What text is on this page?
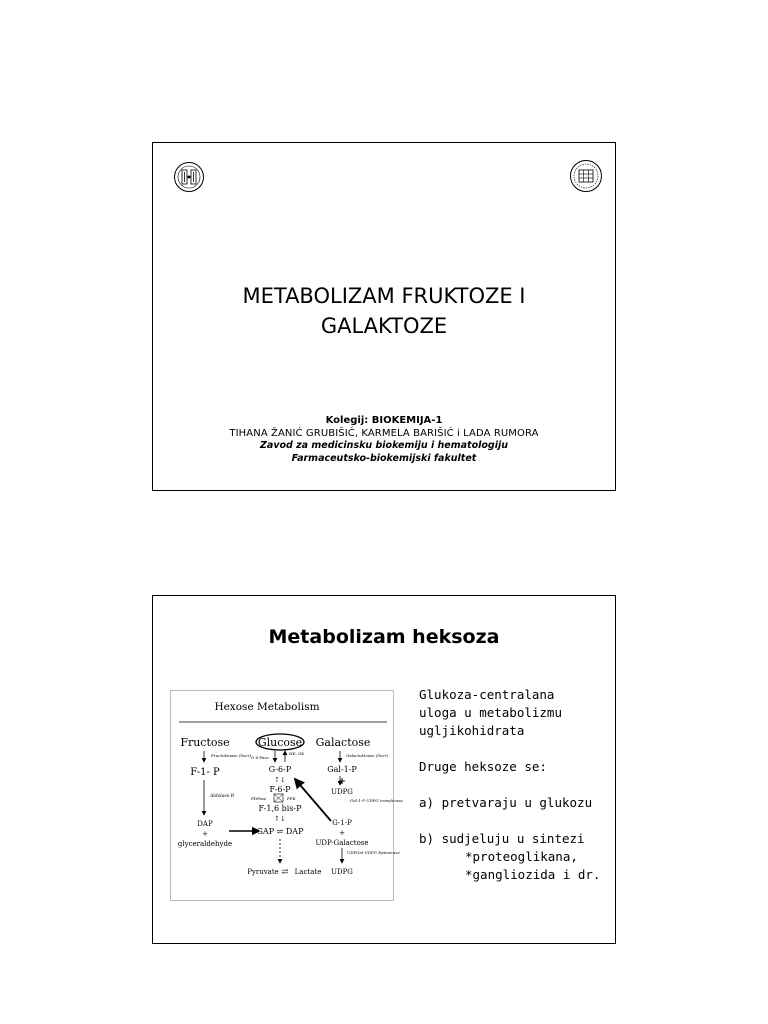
METABOLIZAM FRUKTOZE I
GALAKTOZE
Kolegij: BIOKEMIJA-1
TIHANA ŽANIĆ GRUBIŠIĆ, KARMELA BARIŠIĆ i LADA RUMORA
Zavod za medicinsku biokemiju i hematologiju
Farmaceutsko-biokemijski fakultet
Metabolizam heksoza
Hexose Metabolism
Fructose	Glucose Galactose
Fructokinase (liver)	Galactokinase (liver)
G-6-Pase
HK, GK
F-1- P	G-6-P	Gal-1-P
↑↓
F-6-P
FDPase	PFK
F-1,6 bis-P
↑↓
UDPG
+
Gal-1-P UDPG transferase
Aldolase B
DAP
+
glyceraldehyde
GAP ⇌ DAP
G-1-P
+
UDP-Galactose
UDPGal-UDPG Epimerase
Pyruvate ⇄ Lactate UDPG

Glukoza-centralana

uloga u metabolizmu

ugljikohidrata

Druge heksoze se:

a) pretvaraju u glukozu

b) sudjeluju u sintezi

*proteoglikana,

*gangliozida i dr.
